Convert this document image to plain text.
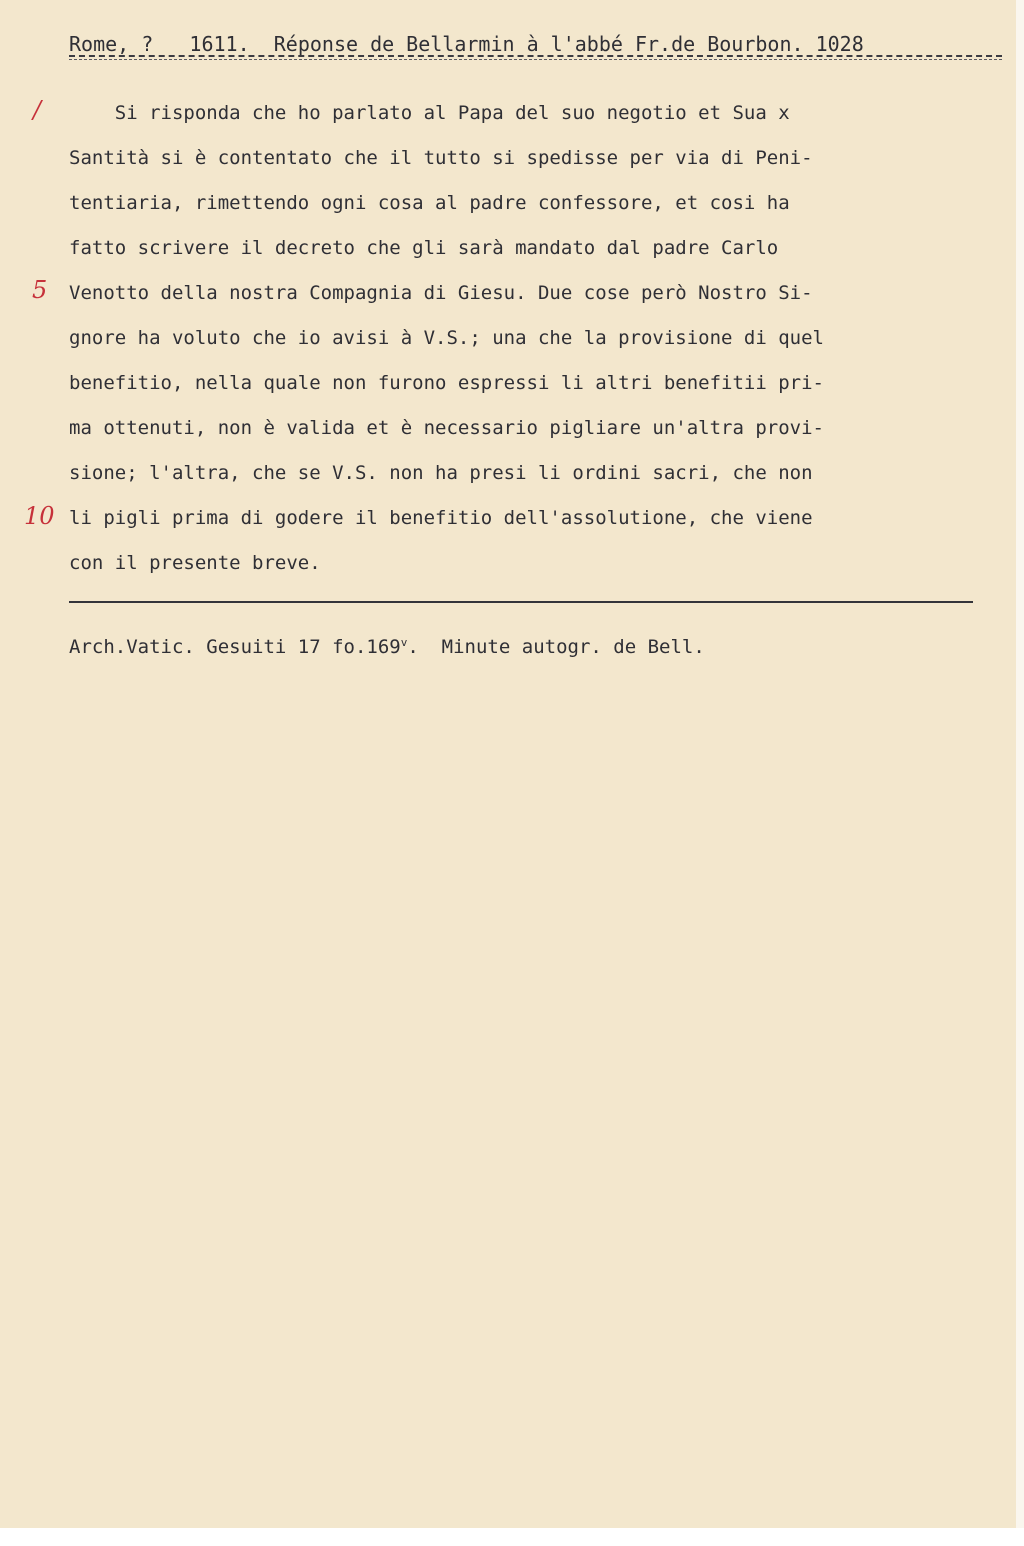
Rome, ? 1611. Réponse de Bellarmin à l'abbé Fr.de Bourbon. 1028
/
5
10
Si risponda che ho parlato al Papa del suo negotio et Sua x
Santità si è contentato che il tutto si spedisse per via di Peni-
tentiaria, rimettendo ogni cosa al padre confessore, et cosi ha
fatto scrivere il decreto che gli sarà mandato dal padre Carlo
Venotto della nostra Compagnia di Giesu. Due cose però Nostro Si-
gnore ha voluto che io avisi à V.S.; una che la provisione di quel
benefitio, nella quale non furono espressi li altri benefitii pri-
ma ottenuti, non è valida et è necessario pigliare un'altra provi-
sione; l'altra, che se V.S. non ha presi li ordini sacri, che non
li pigli prima di godere il benefitio dell'assolutione, che viene
con il presente breve.
Arch.Vatic. Gesuiti 17 fo.169$^v$.  Minute autogr. de Bell.
